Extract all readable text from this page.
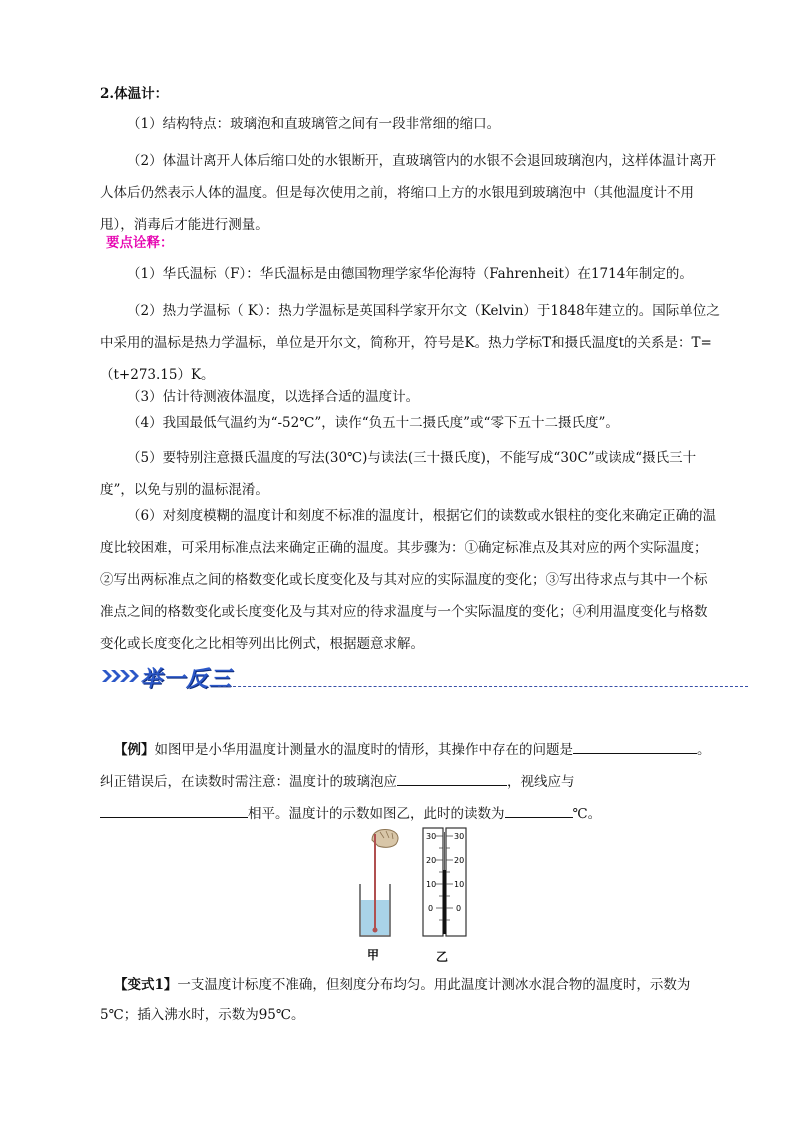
2.体温计：

（1）结构特点：玻璃泡和直玻璃管之间有一段非常细的缩口。

（2）体温计离开人体后缩口处的水银断开，直玻璃管内的水银不会退回玻璃泡内，这样体温计离开人体后仍然表示人体的温度。但是每次使用之前，将缩口上方的水银甩到玻璃泡中（其他温度计不用甩），消毒后才能进行测量。

要点诠释：

（1）华氏温标（F）：华氏温标是由德国物理学家华伦海特（Fahrenheit）在1714年制定的。

（2）热力学温标（ K）：热力学温标是英国科学家开尔文（Kelvin）于1848年建立的。国际单位之中采用的温标是热力学温标，单位是开尔文，简称开，符号是K。热力学标T和摄氏温度t的关系是：T=（t+273.15）K。

（3）估计待测液体温度，以选择合适的温度计。

（4）我国最低气温约为“-52℃”，读作“负五十二摄氏度”或“零下五十二摄氏度”。

（5）要特别注意摄氏温度的写法(30℃)与读法(三十摄氏度)，不能写成“30C”或读成“摄氏三十度”，以免与别的温标混淆。

（6）对刻度模糊的温度计和刻度不标准的温度计，根据它们的读数或水银柱的变化来确定正确的温度比较困难，可采用标准点法来确定正确的温度。其步骤为：①确定标准点及其对应的两个实际温度；②写出两标准点之间的格数变化或长度变化及与其对应的实际温度的变化；③写出待求点与其中一个标准点之间的格数变化或长度变化及与其对应的待求温度与一个实际温度的变化；④利用温度变化与格数变化或长度变化之比相等列出比例式，根据题意求解。

举一反三

【例】如图甲是小华用温度计测量水的温度时的情形，其操作中存在的问题是	。纠正错误后，在读数时需注意：温度计的玻璃泡应	，视线应与相平。温度计的示数如图乙，此时的读数为	℃。

30
20
10
0
30
20
10
0
甲	乙

【变式1】一支温度计标度不准确，但刻度分布均匀。用此温度计测冰水混合物的温度时，示数为5℃；插入沸水时，示数为95℃。
